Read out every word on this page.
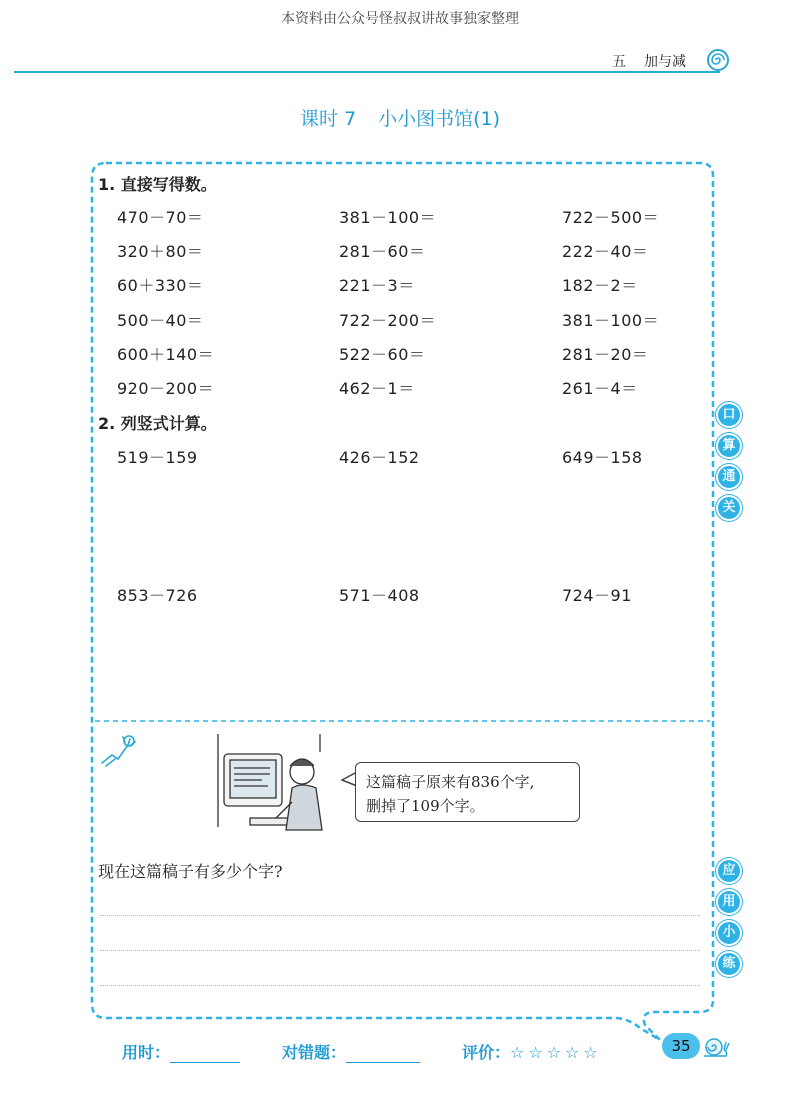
本资料由公众号怪叔叔讲故事独家整理
五 加与减
课时 7 小小图书馆(1)
1. 直接写得数。
470－70＝	381－100＝	722－500＝
320＋80＝	281－60＝	222－40＝
60＋330＝	221－3＝	182－2＝
500－40＝	722－200＝	381－100＝
600＋140＝	522－60＝	281－20＝
920－200＝	462－1＝	261－4＝
2. 列竖式计算。
519－159	426－152	649－158
853－726	571－408	724－91
口
算
通
关
应
用
小
练
这篇稿子原来有836个字,
删掉了109个字。
现在这篇稿子有多少个字?
用时：	对错题：	评价：☆☆☆☆☆	35
